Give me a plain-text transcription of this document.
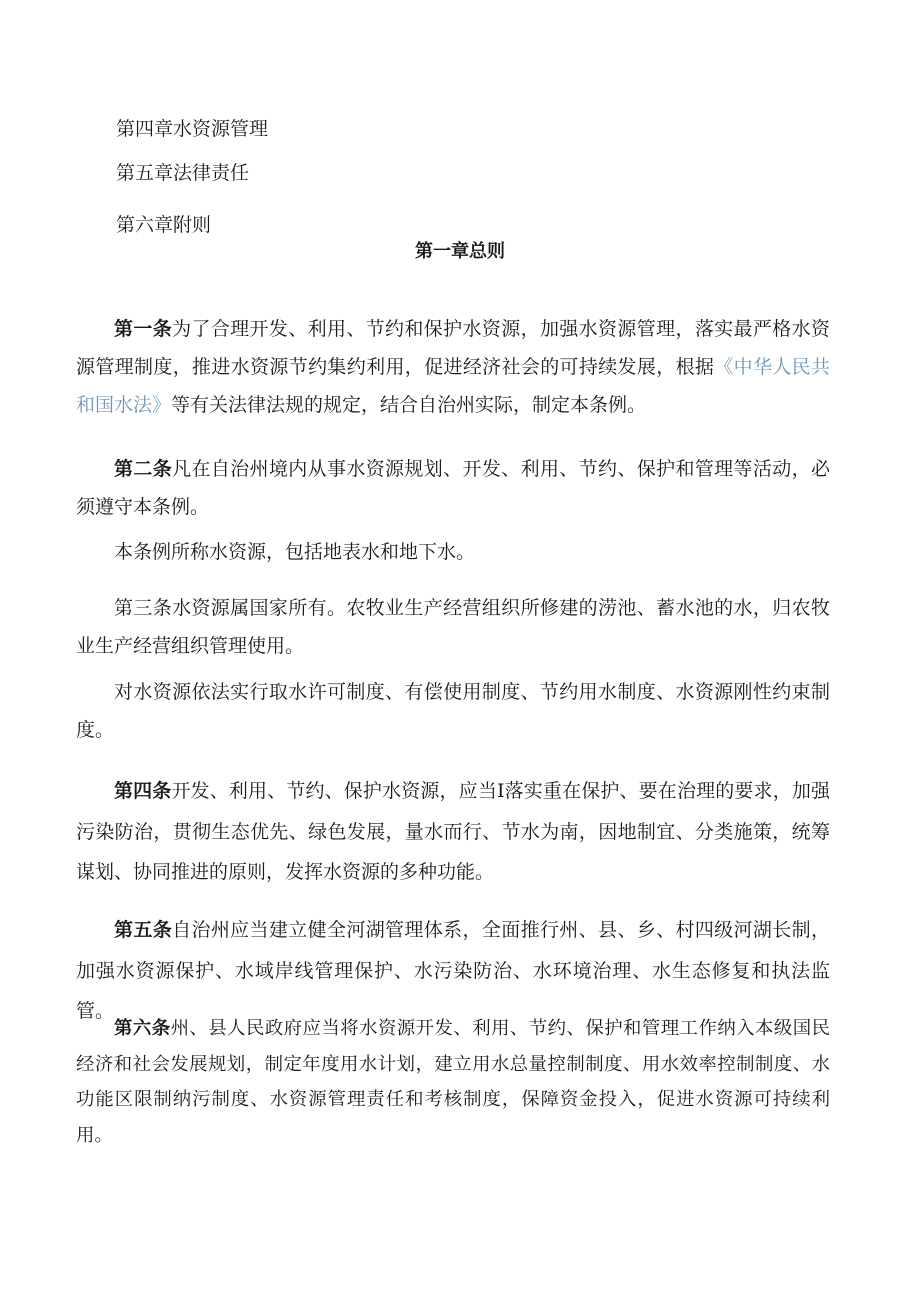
第四章水资源管理
第五章法律责任
第六章附则
第一章总则

第一条为了合理开发、利用、节约和保护水资源，加强水资源管理，落实最严格水资源管理制度，推进水资源节约集约利用，促进经济社会的可持续发展，根据《中华人民共和国水法》等有关法律法规的规定，结合自治州实际，制定本条例。

第二条凡在自治州境内从事水资源规划、开发、利用、节约、保护和管理等活动，必须遵守本条例。

本条例所称水资源，包括地表水和地下水。

第三条水资源属国家所有。农牧业生产经营组织所修建的涝池、蓄水池的水，归农牧业生产经营组织管理使用。

对水资源依法实行取水许可制度、有偿使用制度、节约用水制度、水资源刚性约束制度。

第四条开发、利用、节约、保护水资源，应当I落实重在保护、要在治理的要求，加强污染防治，贯彻生态优先、绿色发展，量水而行、节水为南，因地制宜、分类施策，统筹谋划、协同推进的原则，发挥水资源的多种功能。

第五条自治州应当建立健全河湖管理体系，全面推行州、县、乡、村四级河湖长制，加强水资源保护、水域岸线管理保护、水污染防治、水环境治理、水生态修复和执法监管。

第六条州、县人民政府应当将水资源开发、利用、节约、保护和管理工作纳入本级国民经济和社会发展规划，制定年度用水计划，建立用水总量控制制度、用水效率控制制度、水功能区限制纳污制度、水资源管理责任和考核制度，保障资金投入，促进水资源可持续利用。
